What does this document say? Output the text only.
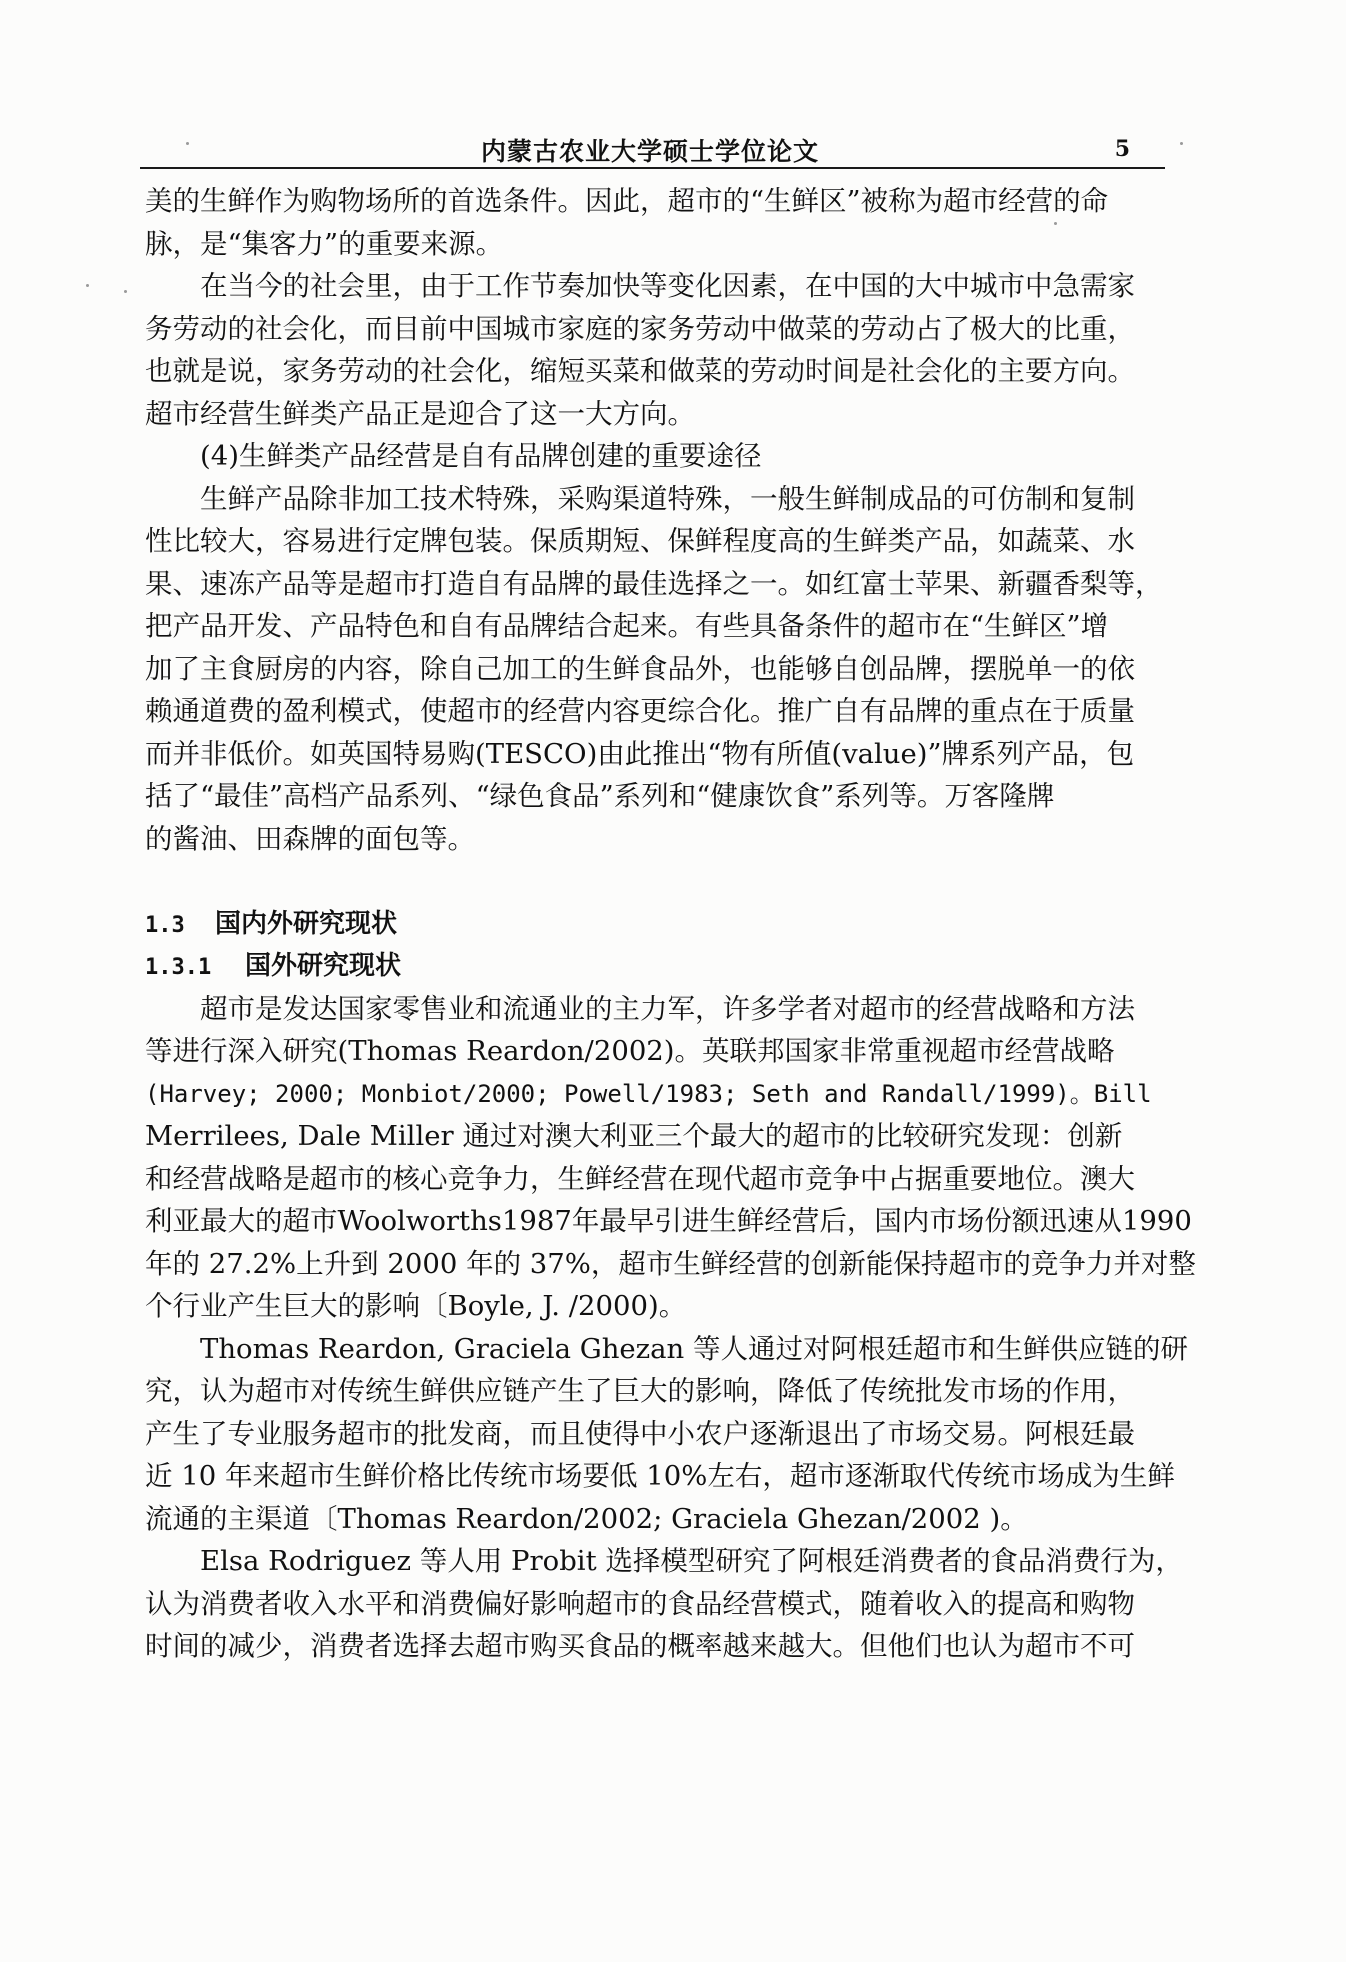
内蒙古农业大学硕士学位论文	5
美的生鲜作为购物场所的首选条件。因此，超市的“生鲜区”被称为超市经营的命
脉，是“集客力”的重要来源。
在当今的社会里，由于工作节奏加快等变化因素，在中国的大中城市中急需家
务劳动的社会化，而目前中国城市家庭的家务劳动中做菜的劳动占了极大的比重，
也就是说，家务劳动的社会化，缩短买菜和做菜的劳动时间是社会化的主要方向。
超市经营生鲜类产品正是迎合了这一大方向。
(4)生鲜类产品经营是自有品牌创建的重要途径
生鲜产品除非加工技术特殊，采购渠道特殊，一般生鲜制成品的可仿制和复制
性比较大，容易进行定牌包装。保质期短、保鲜程度高的生鲜类产品，如蔬菜、水
果、速冻产品等是超市打造自有品牌的最佳选择之一。如红富士苹果、新疆香梨等，
把产品开发、产品特色和自有品牌结合起来。有些具备条件的超市在“生鲜区”增
加了主食厨房的内容，除自己加工的生鲜食品外，也能够自创品牌，摆脱单一的依
赖通道费的盈利模式，使超市的经营内容更综合化。推广自有品牌的重点在于质量
而并非低价。如英国特易购(TESCO)由此推出“物有所值(value)”牌系列产品，包
括了“最佳”高档产品系列、“绿色食品”系列和“健康饮食”系列等。万客隆牌
的酱油、田森牌的面包等。
1.3 国内外研究现状
1.3.1 国外研究现状
超市是发达国家零售业和流通业的主力军，许多学者对超市的经营战略和方法
等进行深入研究(Thomas Reardon/2002)。英联邦国家非常重视超市经营战略
(Harvey; 2000; Monbiot/2000; Powell/1983; Seth and Randall/1999)。Bill
Merrilees, Dale Miller 通过对澳大利亚三个最大的超市的比较研究发现：创新
和经营战略是超市的核心竞争力，生鲜经营在现代超市竞争中占据重要地位。澳大
利亚最大的超市Woolworths1987年最早引进生鲜经营后，国内市场份额迅速从1990
年的 27.2%上升到 2000 年的 37%，超市生鲜经营的创新能保持超市的竞争力并对整
个行业产生巨大的影响〔Boyle, J. /2000)。
Thomas Reardon, Graciela Ghezan 等人通过对阿根廷超市和生鲜供应链的研
究，认为超市对传统生鲜供应链产生了巨大的影响，降低了传统批发市场的作用，
产生了专业服务超市的批发商，而且使得中小农户逐渐退出了市场交易。阿根廷最
近 10 年来超市生鲜价格比传统市场要低 10%左右，超市逐渐取代传统市场成为生鲜
流通的主渠道〔Thomas Reardon/2002; Graciela Ghezan/2002 )。
Elsa Rodriguez 等人用 Probit 选择模型研究了阿根廷消费者的食品消费行为，
认为消费者收入水平和消费偏好影响超市的食品经营模式，随着收入的提高和购物
时间的减少，消费者选择去超市购买食品的概率越来越大。但他们也认为超市不可
